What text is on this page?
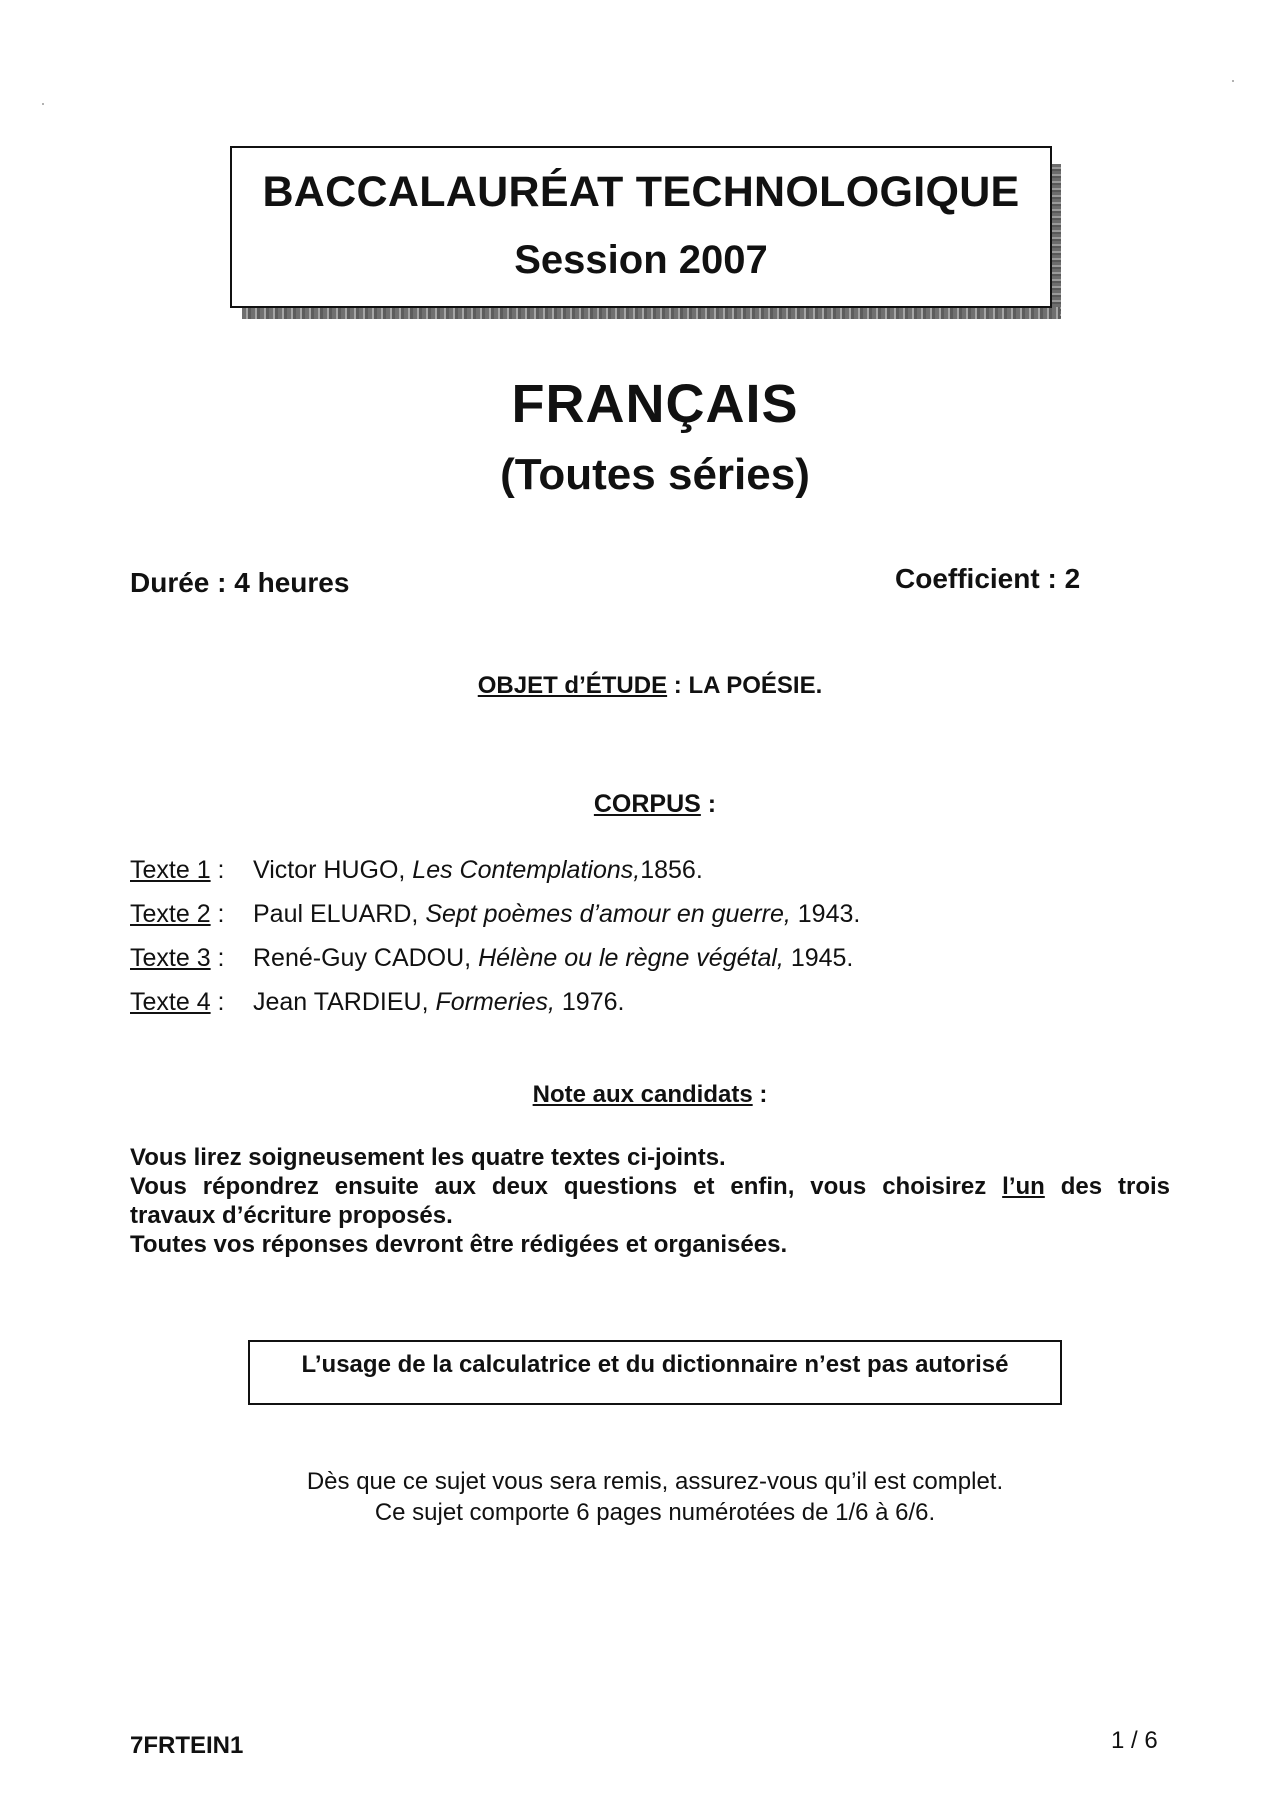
BACCALAURÉAT TECHNOLOGIQUE
Session 2007
FRANÇAIS
(Toutes séries)
Durée : 4 heures	Coefficient : 2
OBJET d’ÉTUDE : LA POÉSIE.
CORPUS :
Texte 1 : Victor HUGO, Les Contemplations,1856.
Texte 2 : Paul ELUARD, Sept poèmes d’amour en guerre, 1943.
Texte 3 : René-Guy CADOU, Hélène ou le règne végétal, 1945.
Texte 4 : Jean TARDIEU, Formeries, 1976.
Note aux candidats :
Vous lirez soigneusement les quatre textes ci-joints.
Vous répondrez ensuite aux deux questions et enfin, vous choisirez l’un des trois
travaux d’écriture proposés.
Toutes vos réponses devront être rédigées et organisées.
L’usage de la calculatrice et du dictionnaire n’est pas autorisé
Dès que ce sujet vous sera remis, assurez-vous qu’il est complet.
Ce sujet comporte 6 pages numérotées de 1/6 à 6/6.
7FRTEIN1	1 / 6
